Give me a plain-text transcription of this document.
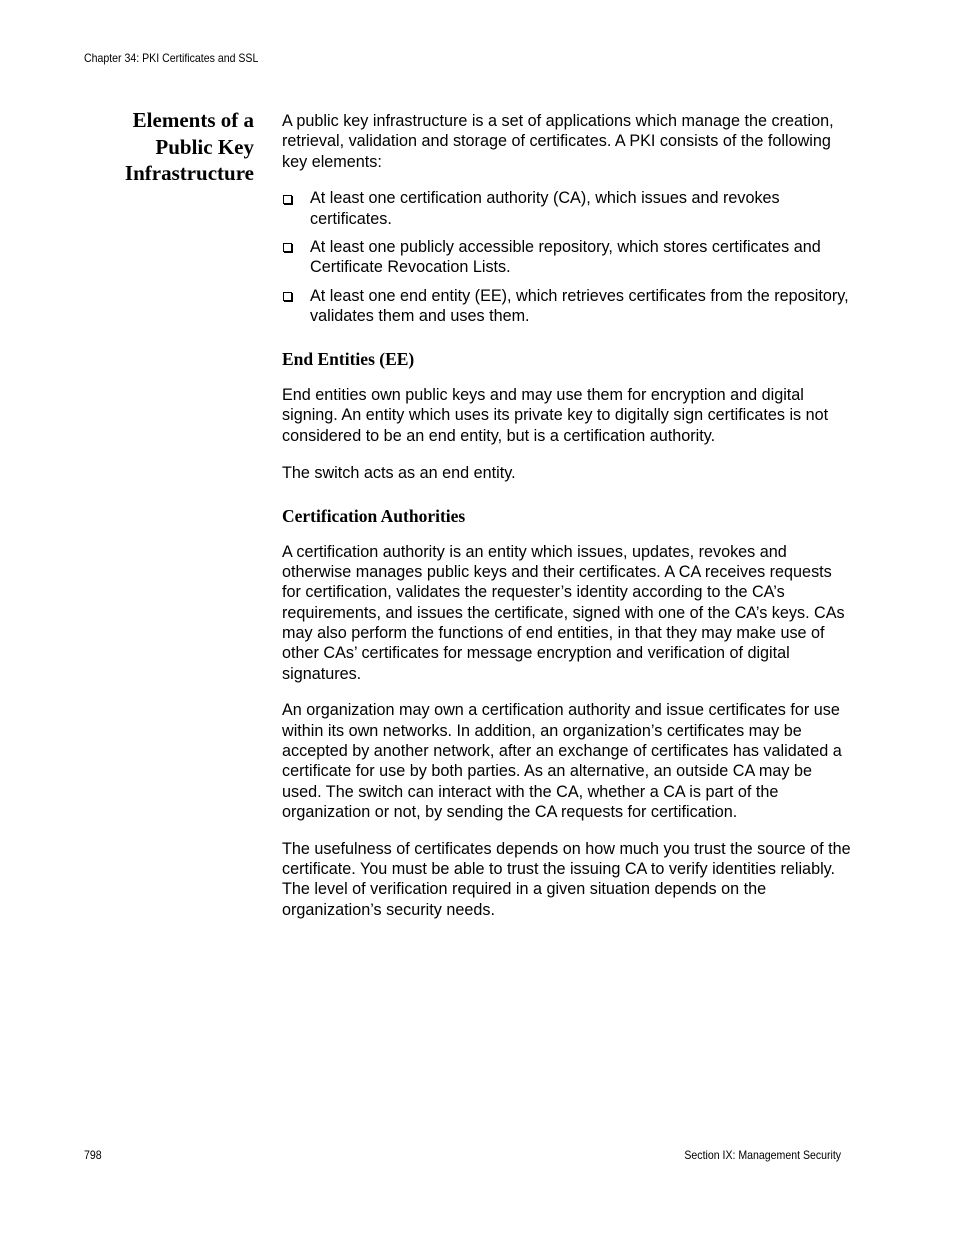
Chapter 34: PKI Certificates and SSL
Elements of a
Public Key
Infrastructure

A public key infrastructure is a set of applications which manage the creation, retrieval, validation and storage of certificates. A PKI consists of the following key elements:

At least one certification authority (CA), which issues and revokes certificates.
At least one publicly accessible repository, which stores certificates and Certificate Revocation Lists.
At least one end entity (EE), which retrieves certificates from the repository, validates them and uses them.
End Entities (EE)

End entities own public keys and may use them for encryption and digital signing. An entity which uses its private key to digitally sign certificates is not considered to be an end entity, but is a certification authority.

The switch acts as an end entity.

Certification Authorities

A certification authority is an entity which issues, updates, revokes and otherwise manages public keys and their certificates. A CA receives requests for certification, validates the requester’s identity according to the CA’s requirements, and issues the certificate, signed with one of the CA’s keys. CAs may also perform the functions of end entities, in that they may make use of other CAs’ certificates for message encryption and verification of digital signatures.

An organization may own a certification authority and issue certificates for use within its own networks. In addition, an organization’s certificates may be accepted by another network, after an exchange of certificates has validated a certificate for use by both parties. As an alternative, an outside CA may be used. The switch can interact with the CA, whether a CA is part of the organization or not, by sending the CA requests for certification.

The usefulness of certificates depends on how much you trust the source of the certificate. You must be able to trust the issuing CA to verify identities reliably. The level of verification required in a given situation depends on the organization’s security needs.

798	Section IX: Management Security
